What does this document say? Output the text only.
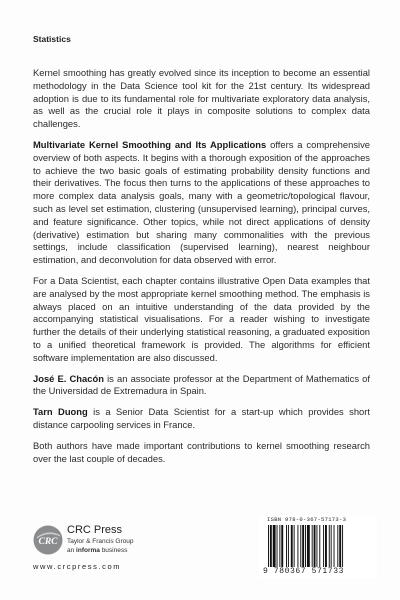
Statistics

Kernel smoothing has greatly evolved since its inception to become an essential methodology in the Data Science tool kit for the 21st century. Its widespread adoption is due to its fundamental role for multivariate exploratory data analysis, as well as the crucial role it plays in composite solutions to complex data challenges.

Multivariate Kernel Smoothing and Its Applications offers a comprehensive overview of both aspects. It begins with a thorough exposition of the approaches to achieve the two basic goals of estimating probability density functions and their derivatives. The focus then turns to the applications of these approaches to more complex data analysis goals, many with a geometric/topological flavour, such as level set estimation, clustering (unsupervised learning), principal curves, and feature significance. Other topics, while not direct applications of density (derivative) estimation but sharing many commonalities with the previous settings, include classification (supervised learning), nearest neighbour estimation, and deconvolution for data observed with error.

For a Data Scientist, each chapter contains illustrative Open Data examples that are analysed by the most appropriate kernel smoothing method. The emphasis is always placed on an intuitive understanding of the data provided by the accompanying statistical visualisations. For a reader wishing to investigate further the details of their underlying statistical reasoning, a graduated exposition to a unified theoretical framework is provided. The algorithms for efficient software implementation are also discussed.

José E. Chacón is an associate professor at the Department of Mathematics of the Universidad de Extremadura in Spain.

Tarn Duong is a Senior Data Scientist for a start-up which provides short distance carpooling services in France.

Both authors have made important contributions to kernel smoothing research over the last couple of decades.

CRC
CRC Press
Taylor & Francis Group
an informa business
www.crcpress.com
ISBN 978-0-367-57173-3
9 780367 571733
